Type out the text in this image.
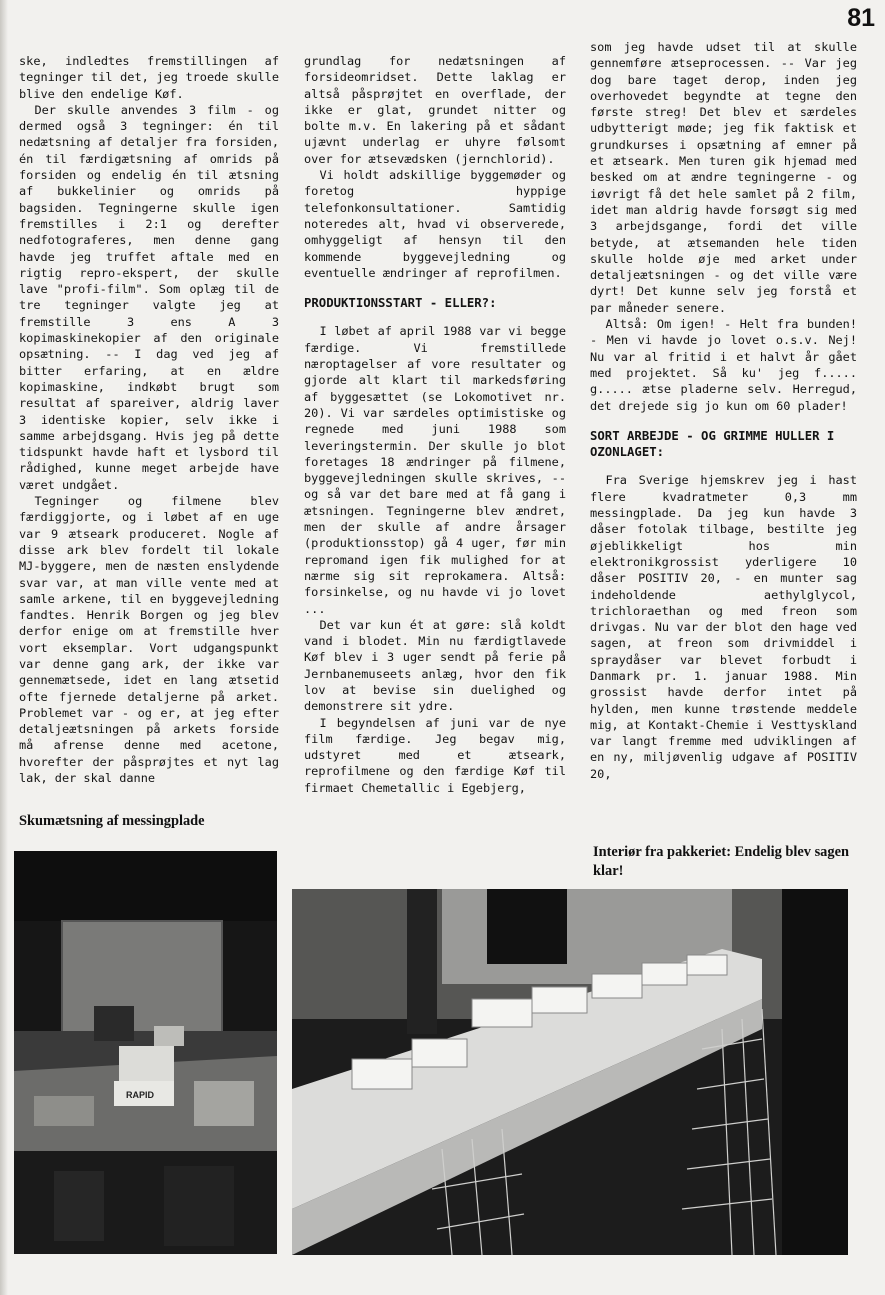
81

ske, indledtes fremstillingen af tegninger til det, jeg troede skulle blive den endelige Køf.

Der skulle anvendes 3 film - og dermed også 3 tegninger: én til nedætsning af detaljer fra forsiden, én til færdigætsning af omrids på forsiden og endelig én til ætsning af bukkelinier og omrids på bagsiden. Tegningerne skulle igen fremstilles i 2:1 og derefter nedfotograferes, men denne gang havde jeg truffet aftale med en rigtig repro-ekspert, der skulle lave "profi-film". Som oplæg til de tre tegninger valgte jeg at fremstille 3 ens A 3 kopimaskinekopier af den originale opsætning. -- I dag ved jeg af bitter erfaring, at en ældre kopimaskine, indkøbt brugt som resultat af spareiver, aldrig laver 3 identiske kopier, selv ikke i samme arbejdsgang. Hvis jeg på dette tidspunkt havde haft et lysbord til rådighed, kunne meget arbejde have været undgået.

Tegninger og filmene blev færdiggjorte, og i løbet af en uge var 9 ætseark produceret. Nogle af disse ark blev fordelt til lokale MJ-byggere, men de næsten enslydende svar var, at man ville vente med at samle arkene, til en byggevejledning fandtes. Henrik Borgen og jeg blev derfor enige om at fremstille hver vort eksemplar. Vort udgangspunkt var denne gang ark, der ikke var gennemætsede, idet en lang ætsetid ofte fjernede detaljerne på arket. Problemet var - og er, at jeg efter detaljeætsningen på arkets forside må afrense denne med acetone, hvorefter der påsprøjtes et nyt lag lak, der skal danne

grundlag for nedætsningen af forsideomridset. Dette laklag er altså påsprøjtet en overflade, der ikke er glat, grundet nitter og bolte m.v. En lakering på et sådant ujævnt underlag er uhyre følsomt over for ætsevædsken (jernchlorid).

Vi holdt adskillige byggemøder og foretog hyppige telefonkonsultationer. Samtidig noteredes alt, hvad vi observerede, omhyggeligt af hensyn til den kommende byggevejledning og eventuelle ændringer af reprofilmen.

PRODUKTIONSSTART - ELLER?:

I løbet af april 1988 var vi begge færdige. Vi fremstillede næroptagelser af vore resultater og gjorde alt klart til markedsføring af byggesættet (se Lokomotivet nr. 20). Vi var særdeles optimistiske og regnede med juni 1988 som leveringstermin. Der skulle jo blot foretages 18 ændringer på filmene, byggevejledningen skulle skrives, -- og så var det bare med at få gang i ætsningen. Tegningerne blev ændret, men der skulle af andre årsager (produktionsstop) gå 4 uger, før min repromand igen fik mulighed for at nærme sig sit reprokamera. Altså: forsinkelse, og nu havde vi jo lovet ...

Det var kun ét at gøre: slå koldt vand i blodet. Min nu færdigtlavede Køf blev i 3 uger sendt på ferie på Jernbanemuseets anlæg, hvor den fik lov at bevise sin duelighed og demonstrere sit ydre.

I begyndelsen af juni var de nye film færdige. Jeg begav mig, udstyret med et ætseark, reprofilmene og den færdige Køf til firmaet Chemetallic i Egebjerg,

som jeg havde udset til at skulle gennemføre ætseprocessen. -- Var jeg dog bare taget derop, inden jeg overhovedet begyndte at tegne den første streg! Det blev et særdeles udbytterigt møde; jeg fik faktisk et grundkurses i opsætning af emner på et ætseark. Men turen gik hjemad med besked om at ændre tegningerne - og iøvrigt få det hele samlet på 2 film, idet man aldrig havde forsøgt sig med 3 arbejdsgange, fordi det ville betyde, at ætsemanden hele tiden skulle holde øje med arket under detaljeætsningen - og det ville være dyrt! Det kunne selv jeg forstå et par måneder senere.

Altså: Om igen! - Helt fra bunden! - Men vi havde jo lovet o.s.v. Nej! Nu var al fritid i et halvt år gået med projektet. Så ku' jeg f..... g..... ætse pladerne selv. Herregud, det drejede sig jo kun om 60 plader!

SORT ARBEJDE - OG GRIMME HULLER I OZONLAGET:

Fra Sverige hjemskrev jeg i hast flere kvadratmeter 0,3 mm messingplade. Da jeg kun havde 3 dåser fotolak tilbage, bestilte jeg øjeblikkeligt hos min elektronikgrossist yderligere 10 dåser POSITIV 20, - en munter sag indeholdende aethylglycol, trichloraethan og med freon som drivgas. Nu var der blot den hage ved sagen, at freon som drivmiddel i spraydåser var blevet forbudt i Danmark pr. 1. januar 1988. Min grossist havde derfor intet på hylden, men kunne trøstende meddele mig, at Kontakt-Chemie i Vesttyskland var langt fremme med udviklingen af en ny, miljøvenlig udgave af POSITIV 20,

Skumætsning af messingplade
Interiør fra pakkeriet: Endelig blev sagen klar!
RAPID
